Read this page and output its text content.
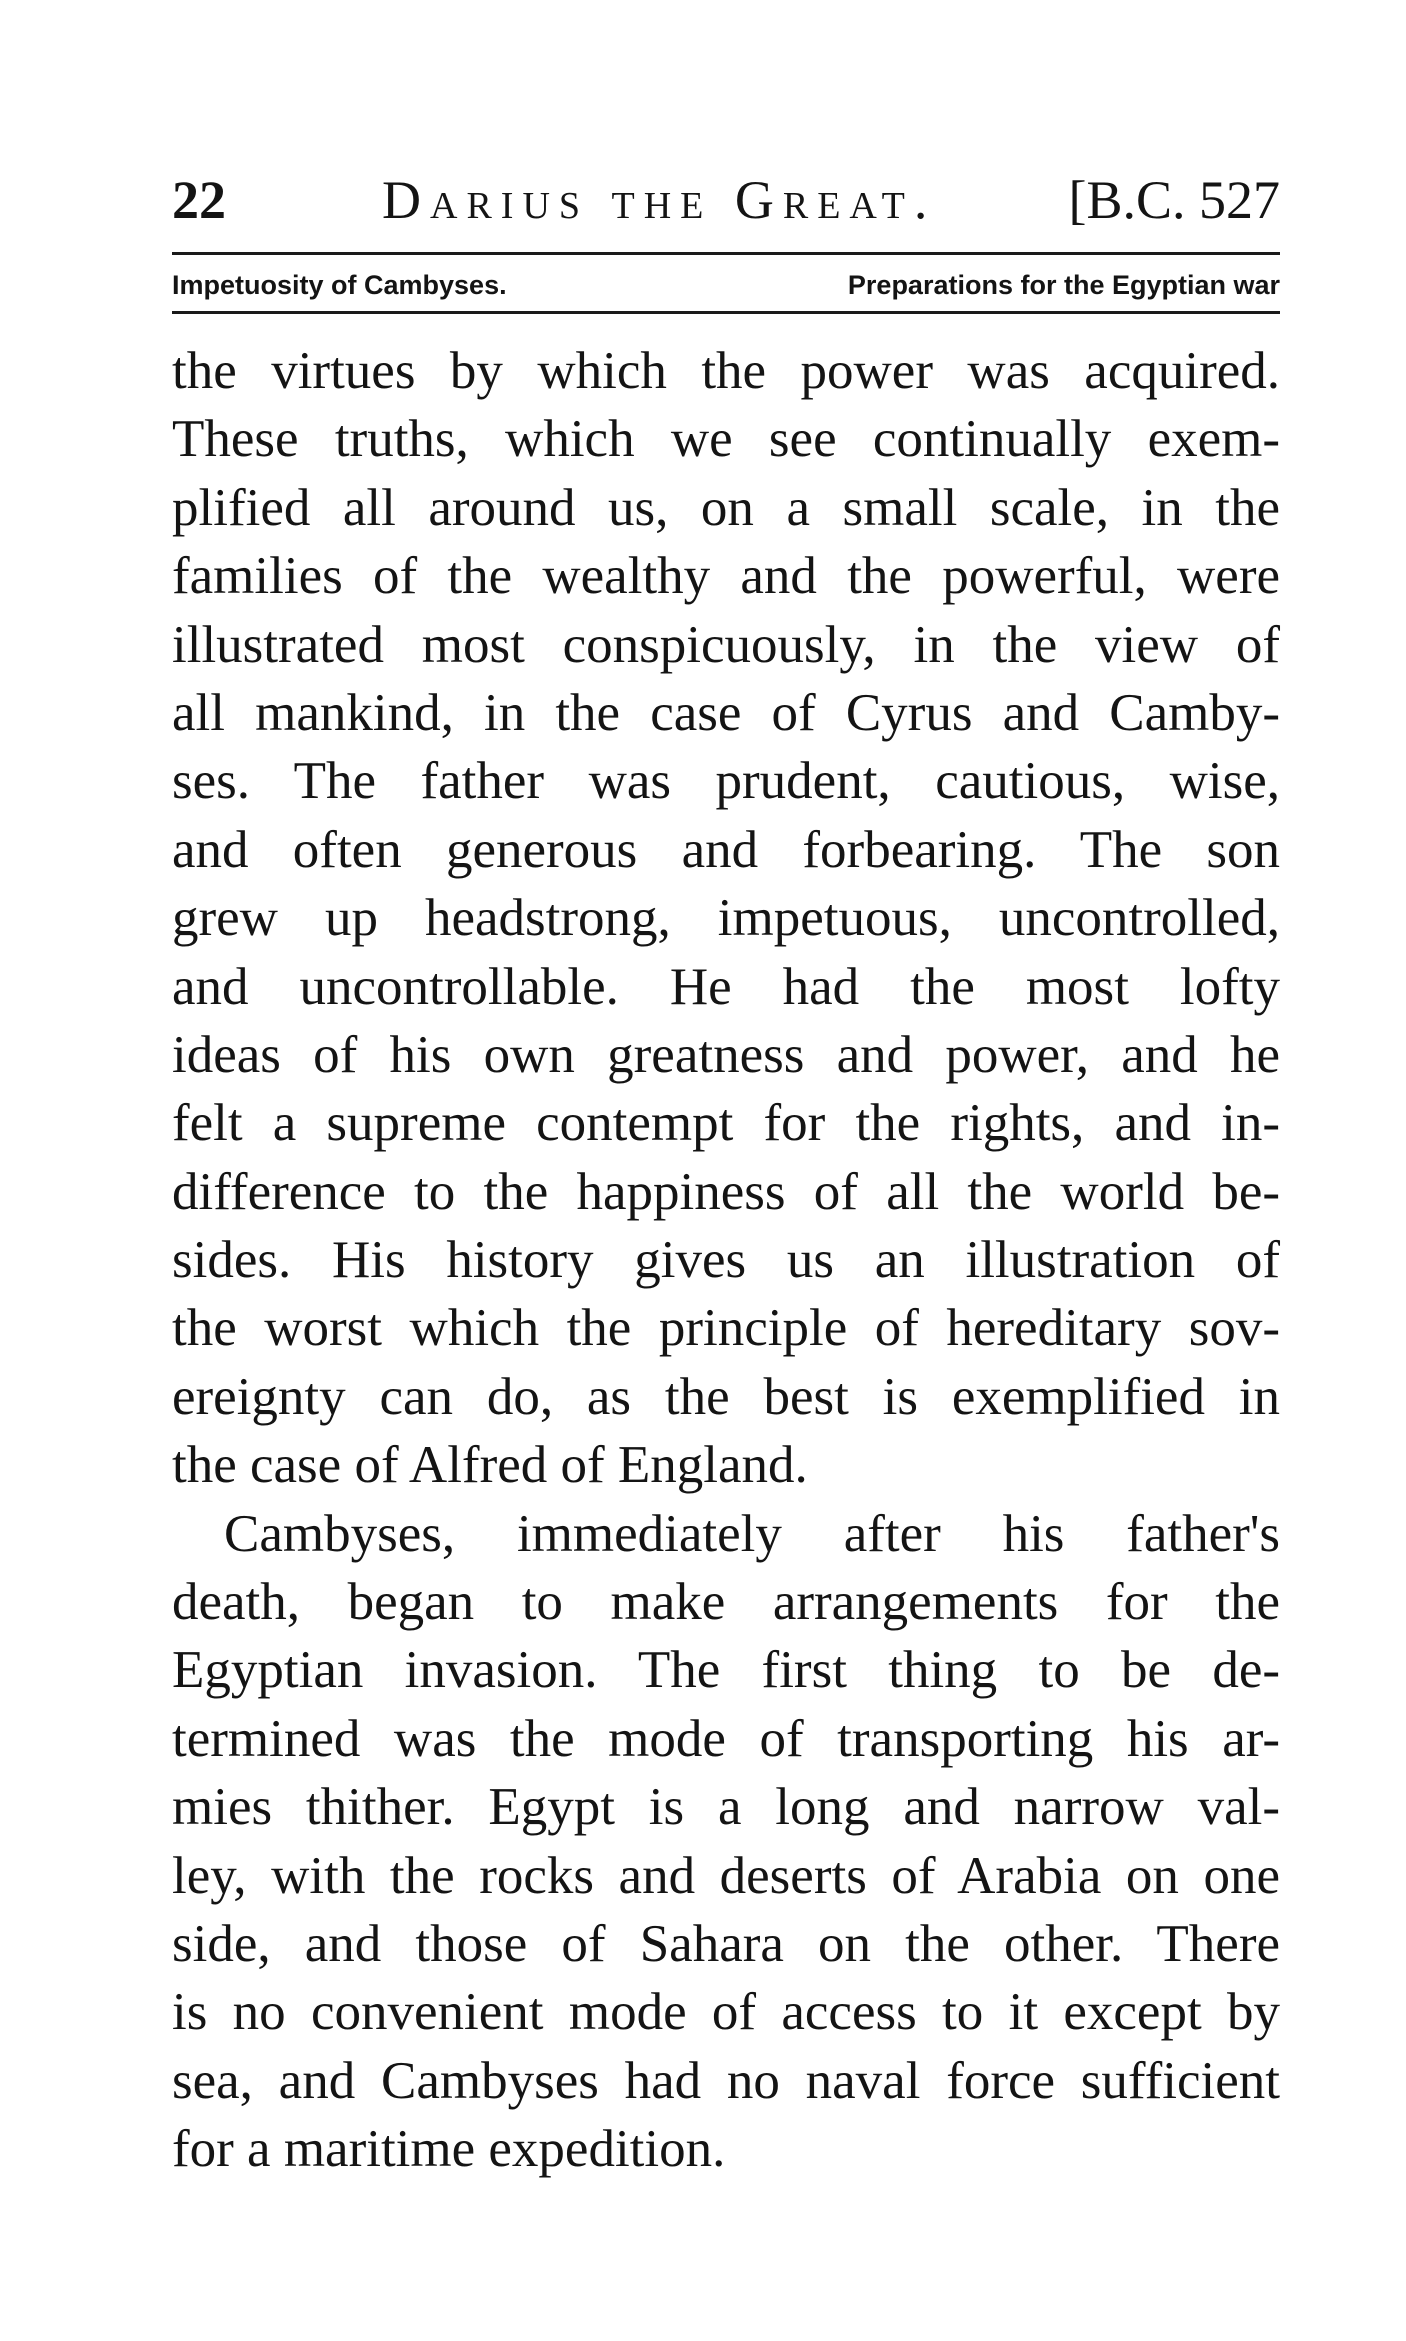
22	Darius the Great. [B.C. 527
Impetuosity of Cambyses.	Preparations for the Egyptian war
the virtues by which the power was acquired.
These truths, which we see continually exem-
plified all around us, on a small scale, in the
families of the wealthy and the powerful, were
illustrated most conspicuously, in the view of
all mankind, in the case of Cyrus and Camby-
ses. The father was prudent, cautious, wise,
and often generous and forbearing. The son
grew up headstrong, impetuous, uncontrolled,
and uncontrollable. He had the most lofty
ideas of his own greatness and power, and he
felt a supreme contempt for the rights, and in-
difference to the happiness of all the world be-
sides. His history gives us an illustration of
the worst which the principle of hereditary sov-
ereignty can do, as the best is exemplified in
the case of Alfred of England.
Cambyses, immediately after his father's
death, began to make arrangements for the
Egyptian invasion. The first thing to be de-
termined was the mode of transporting his ar-
mies thither. Egypt is a long and narrow val-
ley, with the rocks and deserts of Arabia on one
side, and those of Sahara on the other. There
is no convenient mode of access to it except by
sea, and Cambyses had no naval force sufficient
for a maritime expedition.
